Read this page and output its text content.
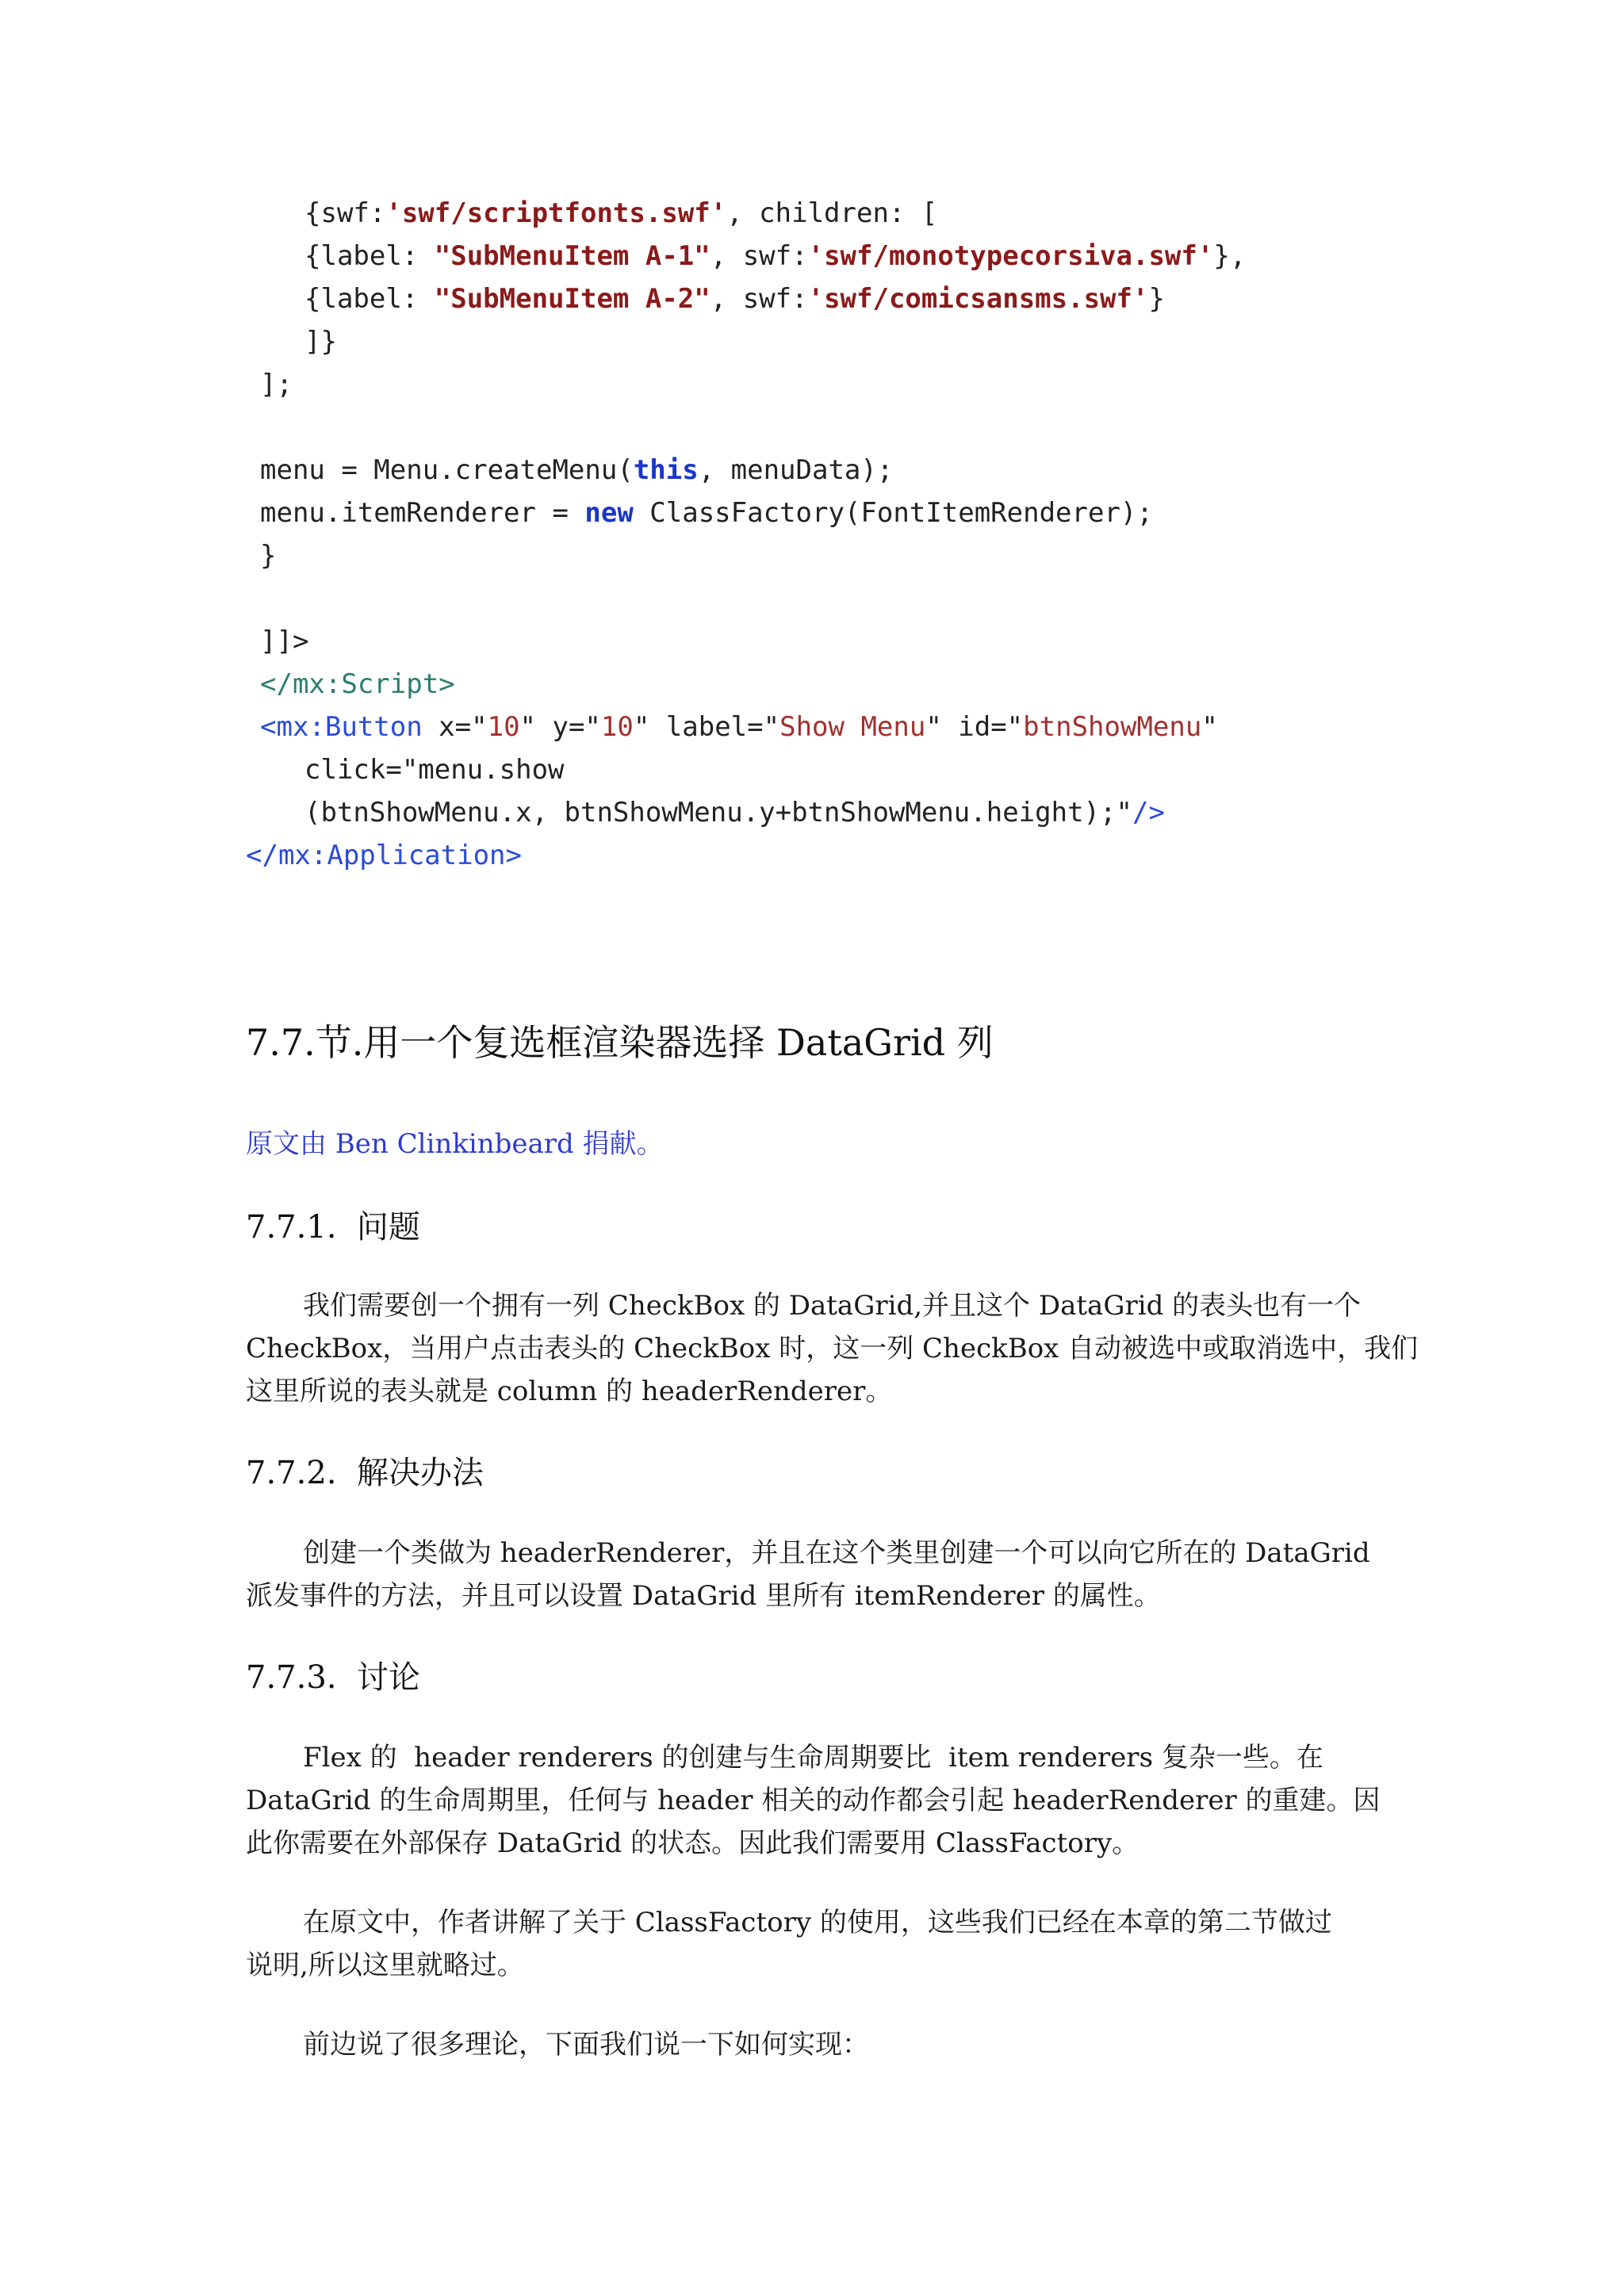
{swf:'swf/scriptfonts.swf', children: [
{label: "SubMenuItem A-1", swf:'swf/monotypecorsiva.swf'},
{label: "SubMenuItem A-2", swf:'swf/comicsansms.swf'}
]}
];
menu = Menu.createMenu(this, menuData);
menu.itemRenderer = new ClassFactory(FontItemRenderer);
}
]]>
</mx:Script>
<mx:Button x="10" y="10" label="Show Menu" id="btnShowMenu"
click="menu.show
(btnShowMenu.x, btnShowMenu.y+btnShowMenu.height);"/>
</mx:Application>
7.7.节.用一个复选框渲染器选择 DataGrid 列
原文由 Ben Clinkinbeard 捐献。
7.7.1.  问题
我们需要创一个拥有一列 CheckBox 的 DataGrid,并且这个 DataGrid 的表头也有一个
CheckBox，当用户点击表头的 CheckBox 时，这一列 CheckBox 自动被选中或取消选中，我们
这里所说的表头就是 column 的 headerRenderer。
7.7.2.  解决办法
创建一个类做为 headerRenderer，并且在这个类里创建一个可以向它所在的 DataGrid
派发事件的方法，并且可以设置 DataGrid 里所有 itemRenderer 的属性。
7.7.3.  讨论
Flex 的  header renderers 的创建与生命周期要比  item renderers 复杂一些。在
DataGrid 的生命周期里，任何与 header 相关的动作都会引起 headerRenderer 的重建。因
此你需要在外部保存 DataGrid 的状态。因此我们需要用 ClassFactory。
在原文中，作者讲解了关于 ClassFactory 的使用，这些我们已经在本章的第二节做过
说明,所以这里就略过。
前边说了很多理论，下面我们说一下如何实现：
